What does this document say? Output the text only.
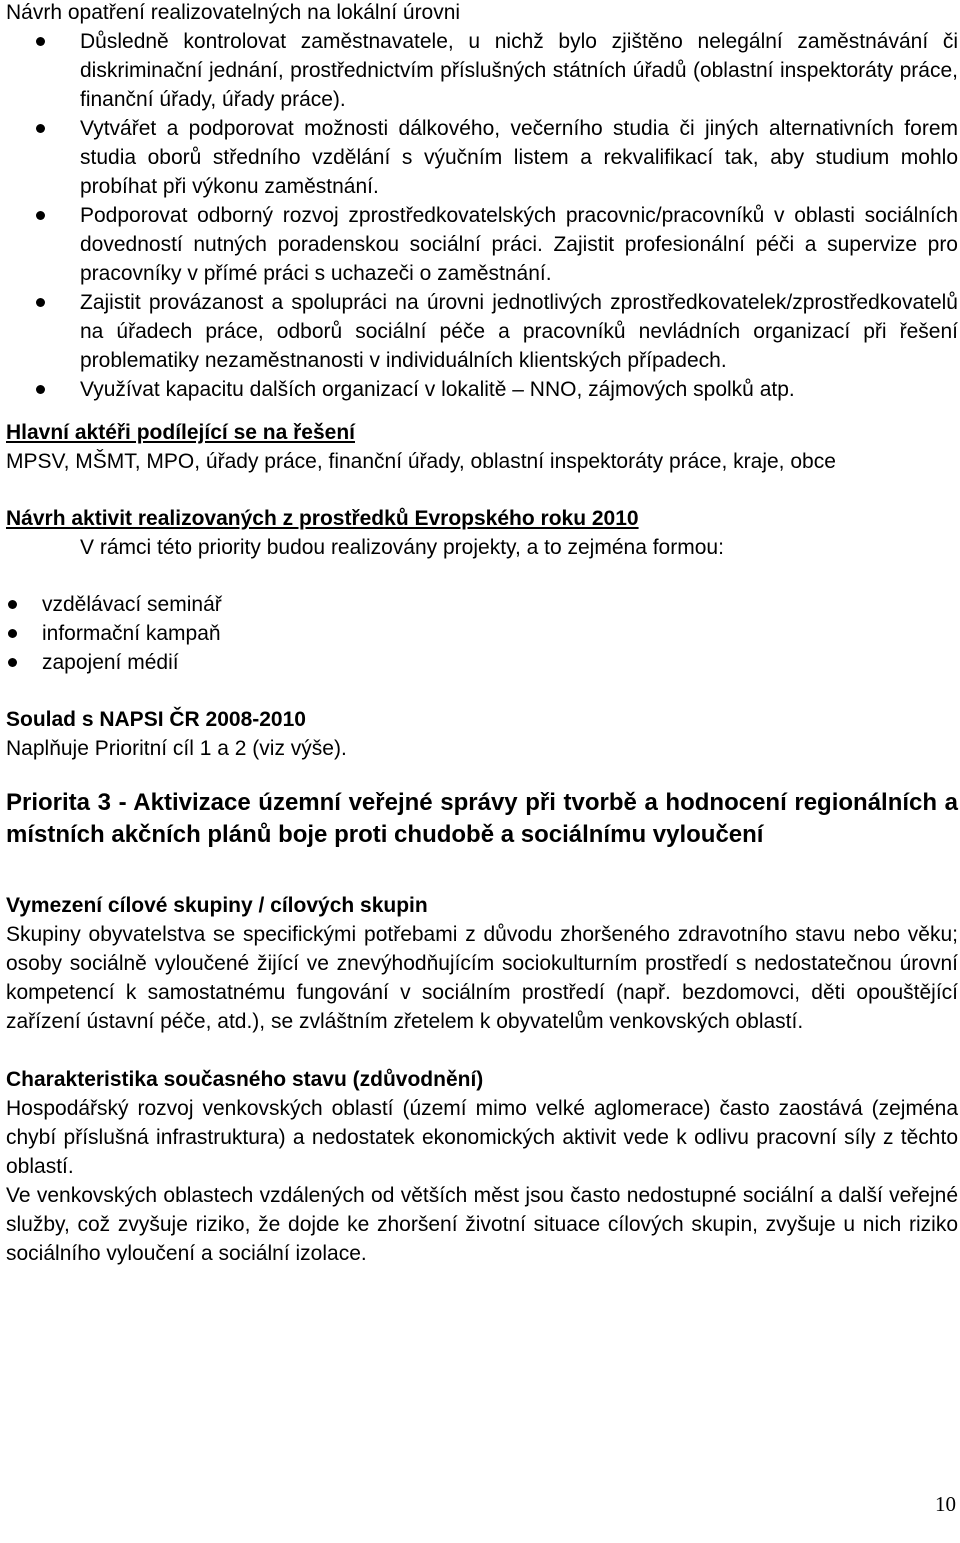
Návrh opatření realizovatelných na lokální úrovni

Důsledně kontrolovat zaměstnavatele, u nichž bylo zjištěno nelegální zaměstnávání či diskriminační jednání, prostřednictvím příslušných státních úřadů (oblastní inspektoráty práce, finanční úřady, úřady práce).
Vytvářet a podporovat možnosti dálkového, večerního studia či jiných alternativních forem studia oborů středního vzdělání s výučním listem a rekvalifikací tak, aby studium mohlo probíhat při výkonu zaměstnání.
Podporovat odborný rozvoj zprostředkovatelských pracovnic/pracovníků v oblasti sociálních dovedností nutných poradenskou sociální práci. Zajistit profesionální péči a supervize pro pracovníky v přímé práci s uchazeči o zaměstnání.
Zajistit provázanost a spolupráci na úrovni jednotlivých zprostředkovatelek/zprostředkovatelů na úřadech práce, odborů sociální péče a pracovníků nevládních organizací při řešení problematiky nezaměstnanosti v individuálních klientských případech.
Využívat kapacitu dalších organizací v lokalitě – NNO, zájmových spolků atp.

Hlavní aktéři podílející se na řešení

MPSV, MŠMT, MPO, úřady práce, finanční úřady, oblastní inspektoráty práce, kraje, obce

Návrh aktivit realizovaných z prostředků Evropského roku 2010

V rámci této priority budou realizovány projekty, a to zejména formou:

vzdělávací seminář
informační kampaň
zapojení médií

Soulad s NAPSI ČR 2008-2010

Naplňuje Prioritní cíl 1 a 2 (viz výše).

Priorita 3 - Aktivizace územní veřejné správy při tvorbě a hodnocení regionálních a místních akčních plánů boje proti chudobě a sociálnímu vyloučení

Vymezení cílové skupiny / cílových skupin

Skupiny obyvatelstva se specifickými potřebami z důvodu zhoršeného zdravotního stavu nebo věku; osoby sociálně vyloučené žijící ve znevýhodňujícím sociokulturním prostředí s nedostatečnou úrovní kompetencí k samostatnému fungování v sociálním prostředí (např. bezdomovci, děti opouštějící zařízení ústavní péče, atd.), se zvláštním zřetelem k obyvatelům venkovských oblastí.

Charakteristika současného stavu (zdůvodnění)

Hospodářský rozvoj venkovských oblastí (území mimo velké aglomerace) často zaostává (zejména chybí příslušná infrastruktura) a nedostatek ekonomických aktivit vede k odlivu pracovní síly z těchto oblastí.

Ve venkovských oblastech vzdálených od větších měst jsou často nedostupné sociální a další veřejné služby, což zvyšuje riziko, že dojde ke zhoršení životní situace cílových skupin, zvyšuje u nich riziko sociálního vyloučení a sociální izolace.

10
